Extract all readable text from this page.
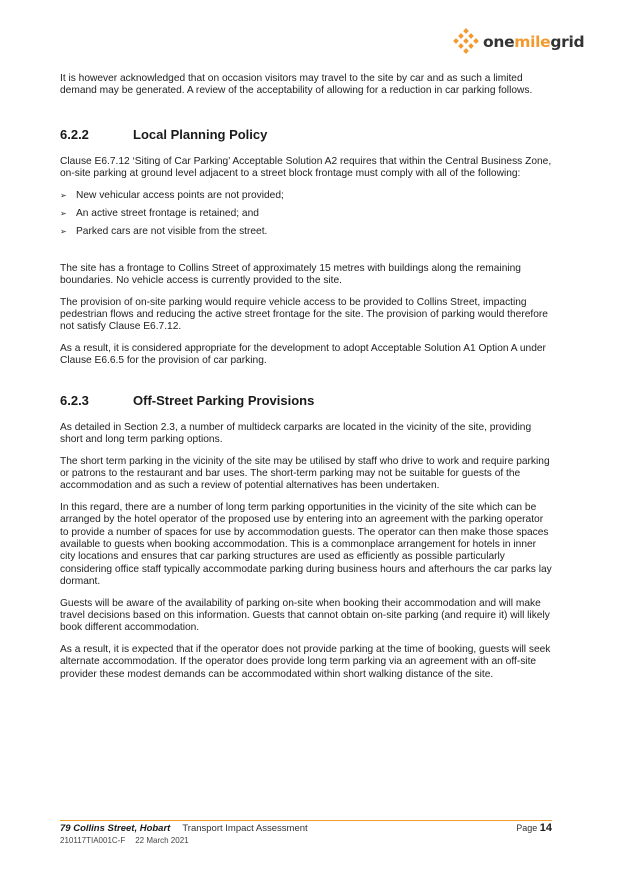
onemilegrid

It is however acknowledged that on occasion visitors may travel to the site by car and as such a limited demand may be generated. A review of the acceptability of allowing for a reduction in car parking follows.

6.2.2	Local Planning Policy

Clause E6.7.12 ‘Siting of Car Parking’ Acceptable Solution A2 requires that within the Central Business Zone, on-site parking at ground level adjacent to a street block frontage must comply with all of the following:

➢ New vehicular access points are not provided;
➢ An active street frontage is retained; and
➢ Parked cars are not visible from the street.

The site has a frontage to Collins Street of approximately 15 metres with buildings along the remaining boundaries. No vehicle access is currently provided to the site.

The provision of on-site parking would require vehicle access to be provided to Collins Street, impacting pedestrian flows and reducing the active street frontage for the site. The provision of parking would therefore not satisfy Clause E6.7.12.

As a result, it is considered appropriate for the development to adopt Acceptable Solution A1 Option A under Clause E6.6.5 for the provision of car parking.

6.2.3	Off-Street Parking Provisions

As detailed in Section 2.3, a number of multideck carparks are located in the vicinity of the site, providing short and long term parking options.

The short term parking in the vicinity of the site may be utilised by staff who drive to work and require parking or patrons to the restaurant and bar uses. The short-term parking may not be suitable for guests of the accommodation and as such a review of potential alternatives has been undertaken.

In this regard, there are a number of long term parking opportunities in the vicinity of the site which can be arranged by the hotel operator of the proposed use by entering into an agreement with the parking operator to provide a number of spaces for use by accommodation guests. The operator can then make those spaces available to guests when booking accommodation. This is a commonplace arrangement for hotels in inner city locations and ensures that car parking structures are used as efficiently as possible particularly considering office staff typically accommodate parking during business hours and afterhours the car parks lay dormant.

Guests will be aware of the availability of parking on-site when booking their accommodation and will make travel decisions based on this information. Guests that cannot obtain on-site parking (and require it) will likely book different accommodation.

As a result, it is expected that if the operator does not provide parking at the time of booking, guests will seek alternate accommodation. If the operator does provide long term parking via an agreement with an off-site provider these modest demands can be accommodated within short walking distance of the site.

79 Collins Street, Hobart Transport Impact Assessment	Page 14
210117TIA001C-F 22 March 2021
